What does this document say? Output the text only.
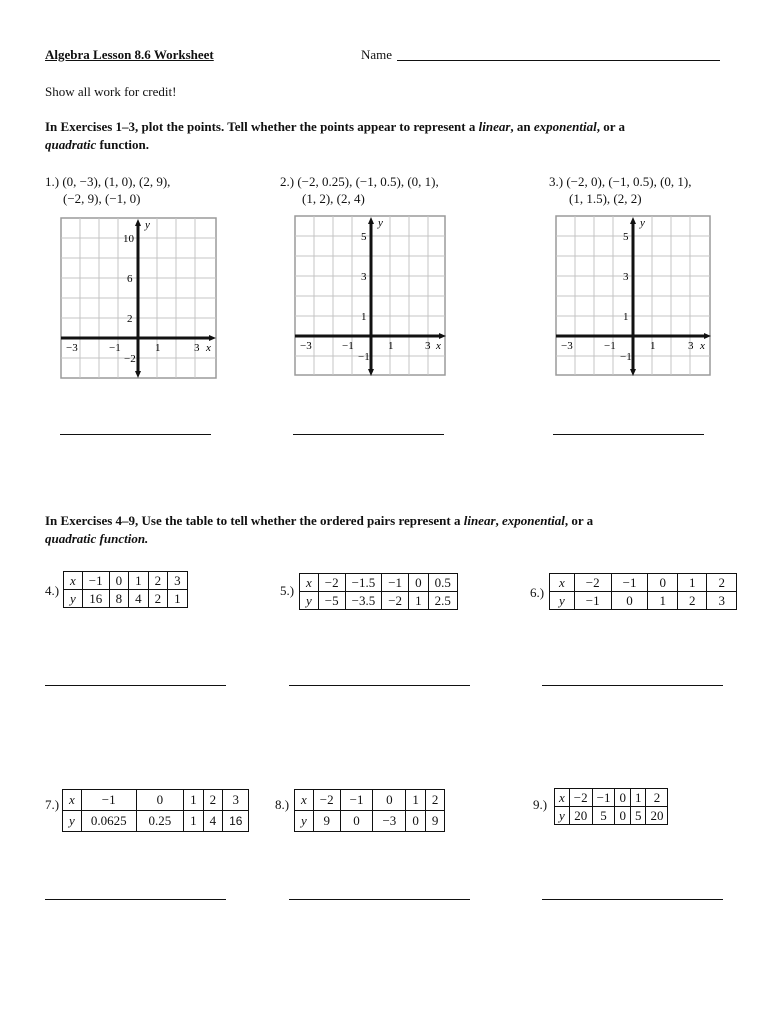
Algebra Lesson 8.6 Worksheet	Name
Show all work for credit!
In Exercises 1–3, plot the points. Tell whether the points appear to represent a linear, an exponential, or a
quadratic function.
1.) (0, −3), (1, 0), (2, 9),
(−2, 9), (−1, 0)
2.) (−2, 0.25), (−1, 0.5), (0, 1),
(1, 2), (2, 4)
3.) (−2, 0), (−1, 0.5), (0, 1),
(1, 1.5), (2, 2)
10
6
2
−2
−3	−1	1	3 x
y
5
3
1
−1
−3	−1	1	3 x
y
5
3
1
−1
−3	−1	1	3 x
y
In Exercises 4–9, Use the table to tell whether the ordered pairs represent a linear, exponential, or a
quadratic function.
4.)
x	−1	0	1	2	3
y	16	8	4	2	1	5.)
x	−2	−1.5	−1	0	0.5
y	−5	−3.5	−2	1	2.5	6.)
x	−2	−1	0	1	2
y	−1	0	1	2	3
7.) x	−1	0	1	2	3
y	0.0625	0.25	1	4	16
8.) x	−2	−1	0	1	2
y	9	0	−3	0	9
9.) x	−2	−1	0	1	2
y	20	5	0	5	20
